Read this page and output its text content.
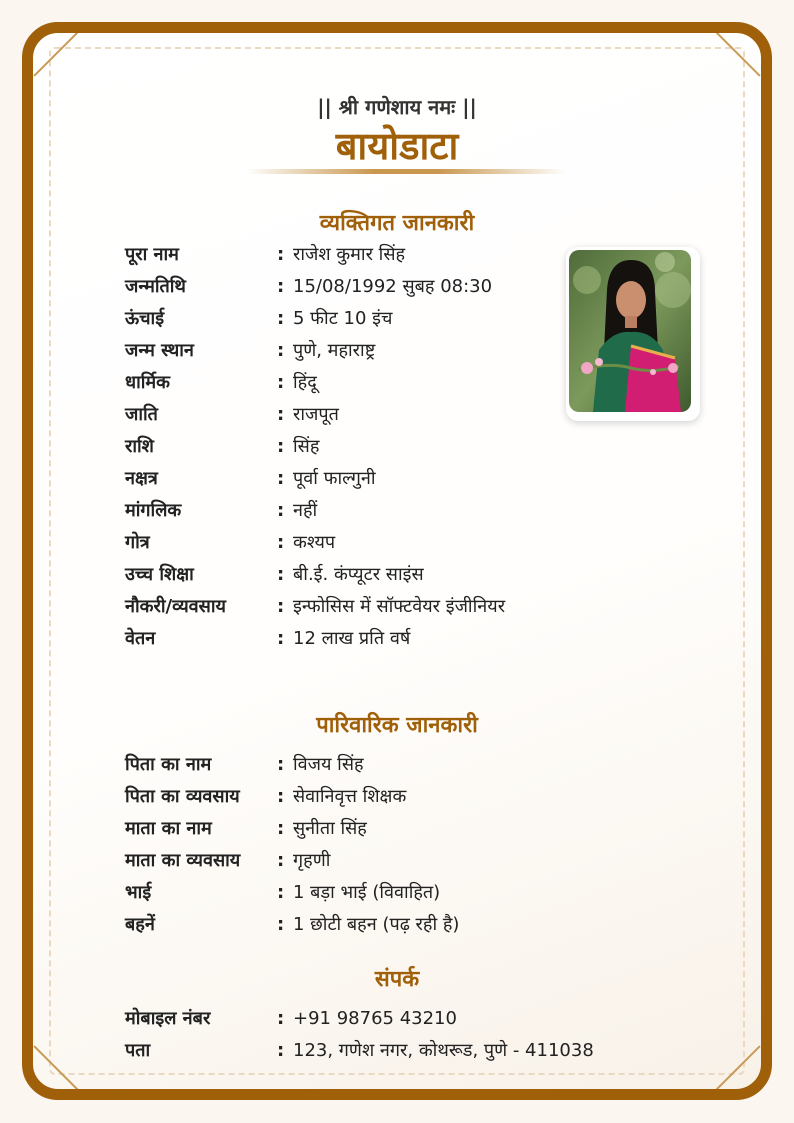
|| श्री गणेशाय नमः ||
बायोडाटा
व्यक्तिगत जानकारी
पूरा नाम	: राजेश कुमार सिंह
जन्मतिथि	: 15/08/1992 सुबह 08:30
ऊंचाई	: 5 फीट 10 इंच
जन्म स्थान	: पुणे, महाराष्ट्र
धार्मिक	: हिंदू
जाति	: राजपूत
राशि	: सिंह
नक्षत्र	: पूर्वा फाल्गुनी
मांगलिक	: नहीं
गोत्र	: कश्यप
उच्च शिक्षा	: बी.ई. कंप्यूटर साइंस
नौकरी/व्यवसाय	: इन्फोसिस में सॉफ्टवेयर इंजीनियर
वेतन	: 12 लाख प्रति वर्ष
पारिवारिक जानकारी
पिता का नाम	: विजय सिंह
पिता का व्यवसाय	: सेवानिवृत्त शिक्षक
माता का नाम	: सुनीता सिंह
माता का व्यवसाय	: गृहणी
भाई	: 1 बड़ा भाई (विवाहित)
बहनें	: 1 छोटी बहन (पढ़ रही है)
संपर्क
मोबाइल नंबर	: +91 98765 43210
पता	: 123, गणेश नगर, कोथरूड, पुणे - 411038
